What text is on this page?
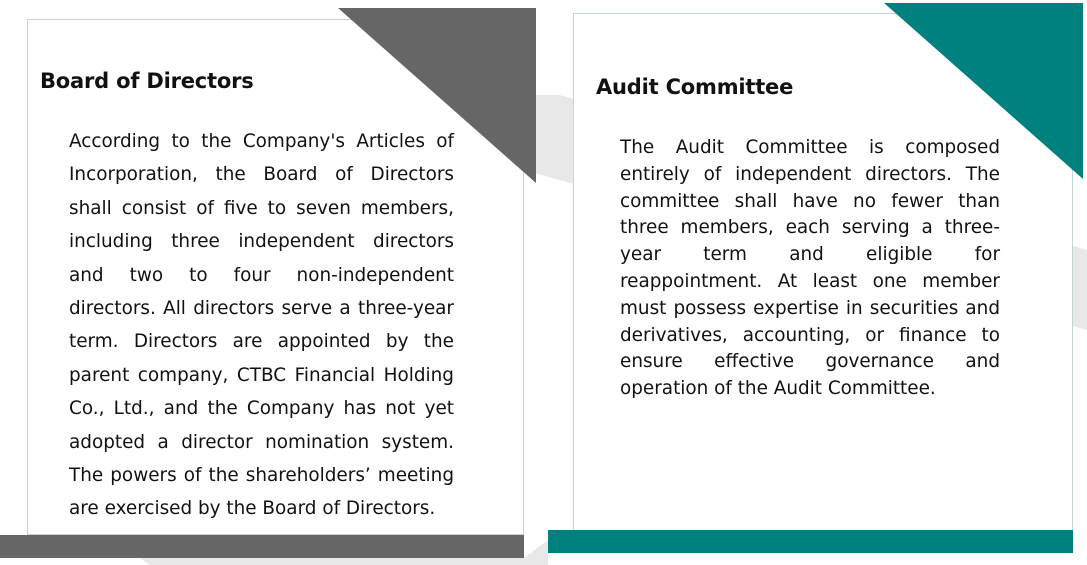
Board of Directors

According to the Company's Articles of Incorporation, the Board of Directors shall consist of five to seven members, including three independent directors and two to four non-independent directors. All directors serve a three-year term. Directors are appointed by the parent company, CTBC Financial Holding Co., Ltd., and the Company has not yet adopted a director nomination system. The powers of the shareholders’ meeting are exercised by the Board of Directors.

Audit Committee

The Audit Committee is composed entirely of independent directors. The committee shall have no fewer than three members, each serving a three-year term and eligible for reappointment. At least one member must possess expertise in securities and derivatives, accounting, or finance to ensure effective governance and operation of the Audit Committee.
